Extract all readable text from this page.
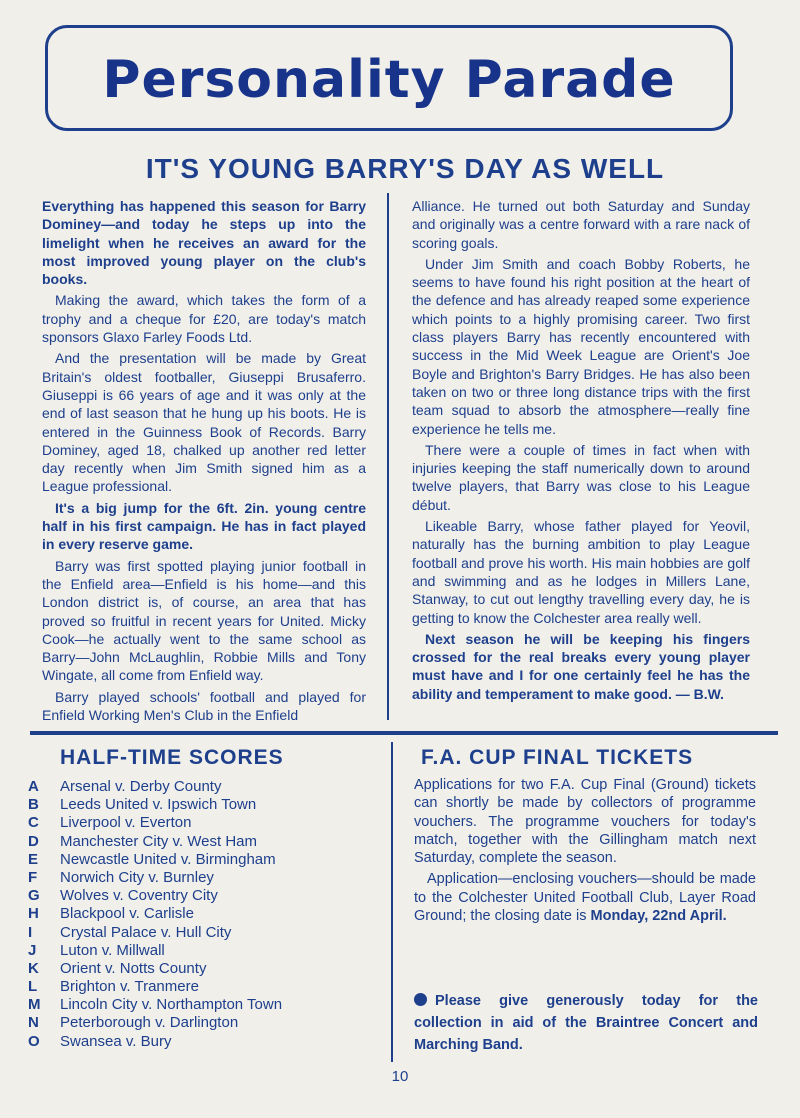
Personality Parade
IT'S YOUNG BARRY'S DAY AS WELL

Everything has happened this season for Barry Dominey—and today he steps up into the limelight when he receives an award for the most improved young player on the club's books.

Making the award, which takes the form of a trophy and a cheque for £20, are today's match sponsors Glaxo Farley Foods Ltd.

And the presentation will be made by Great Britain's oldest footballer, Giuseppi Brusaferro. Giuseppi is 66 years of age and it was only at the end of last season that he hung up his boots. He is entered in the Guinness Book of Records. Barry Dominey, aged 18, chalked up another red letter day recently when Jim Smith signed him as a League professional.

It's a big jump for the 6ft. 2in. young centre half in his first campaign. He has in fact played in every reserve game.

Barry was first spotted playing junior football in the Enfield area—Enfield is his home—and this London district is, of course, an area that has proved so fruitful in recent years for United. Micky Cook—he actually went to the same school as Barry—John McLaughlin, Robbie Mills and Tony Wingate, all come from Enfield way.

Barry played schools' football and played for Enfield Working Men's Club in the Enfield

Alliance. He turned out both Saturday and Sunday and originally was a centre forward with a rare nack of scoring goals.

Under Jim Smith and coach Bobby Roberts, he seems to have found his right position at the heart of the defence and has already reaped some experience which points to a highly promising career. Two first class players Barry has recently encountered with success in the Mid Week League are Orient's Joe Boyle and Brighton's Barry Bridges. He has also been taken on two or three long distance trips with the first team squad to absorb the atmosphere—really fine experience he tells me.

There were a couple of times in fact when with injuries keeping the staff numerically down to around twelve players, that Barry was close to his League début.

Likeable Barry, whose father played for Yeovil, naturally has the burning ambition to play League football and prove his worth. His main hobbies are golf and swimming and as he lodges in Millers Lane, Stanway, to cut out lengthy travelling every day, he is getting to know the Colchester area really well.

Next season he will be keeping his fingers crossed for the real breaks every young player must have and I for one certainly feel he has the ability and temperament to make good. — B.W.

HALF-TIME SCORES
A Arsenal v. Derby County
B Leeds United v. Ipswich Town
C Liverpool v. Everton
D Manchester City v. West Ham
E Newcastle United v. Birmingham
F Norwich City v. Burnley
G Wolves v. Coventry City
H Blackpool v. Carlisle
I Crystal Palace v. Hull City
J Luton v. Millwall
K Orient v. Notts County
L Brighton v. Tranmere
M Lincoln City v. Northampton Town
N Peterborough v. Darlington
O Swansea v. Bury
F.A. CUP FINAL TICKETS

Applications for two F.A. Cup Final (Ground) tickets can shortly be made by collectors of programme vouchers. The programme vouchers for today's match, together with the Gillingham match next Saturday, complete the season.

Application—enclosing vouchers—should be made to the Colchester United Football Club, Layer Road Ground; the closing date is Monday, 22nd April.

Please give generously today for the collection in aid of the Braintree Concert and Marching Band.
10
